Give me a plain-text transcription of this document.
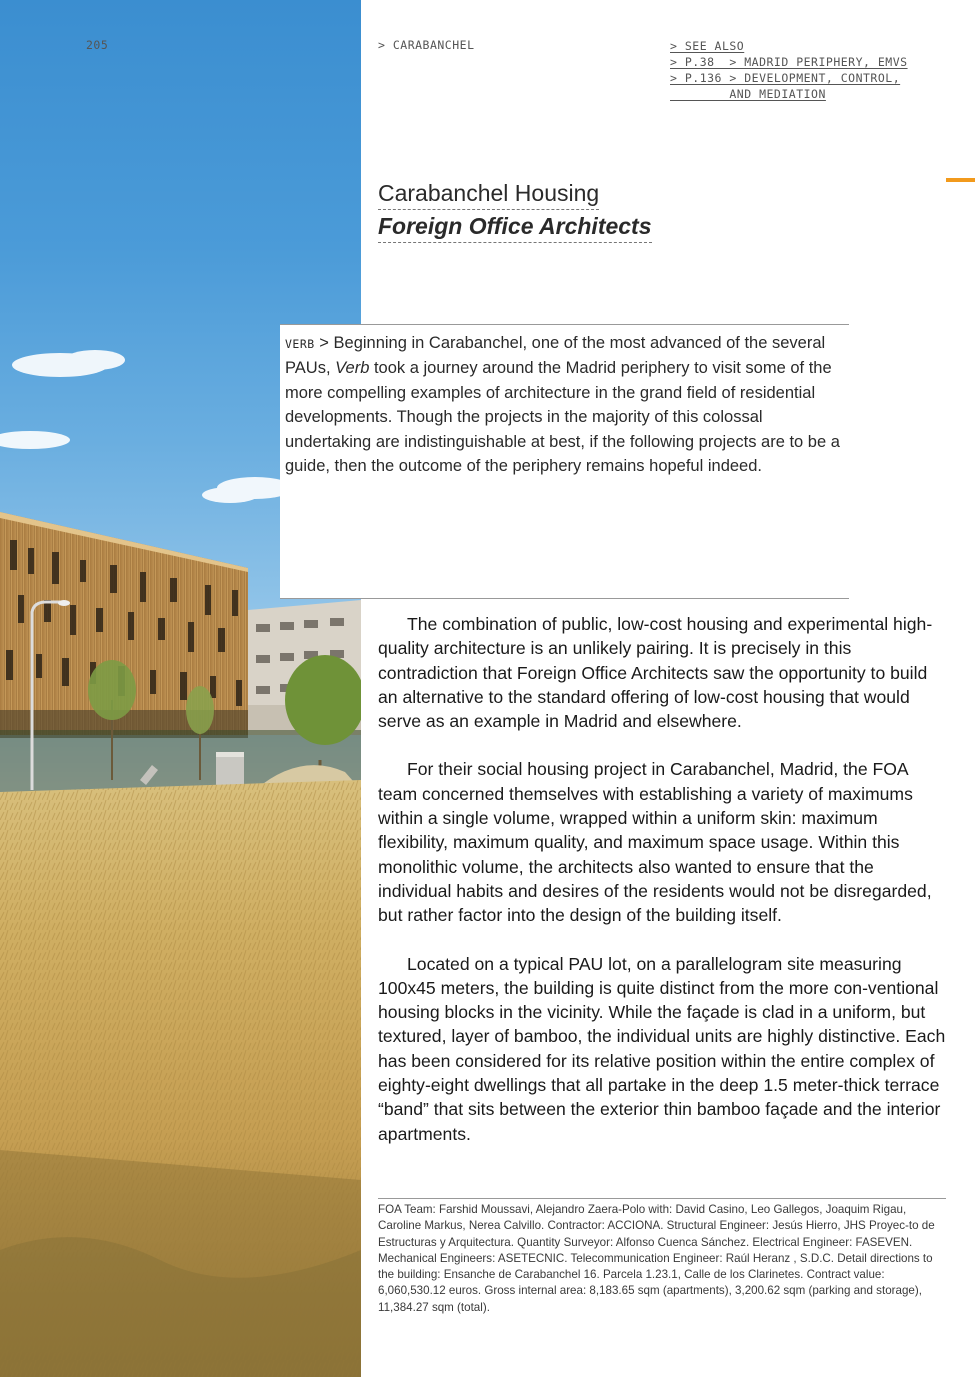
205	> CARABANCHEL	> SEE ALSO
> P.38  > MADRID PERIPHERY, EMVS
> P.136 > DEVELOPMENT, CONTROL,
AND MEDIATION
Carabanchel Housing
Foreign Office Architects

VERB > Beginning in Carabanchel, one of the most advanced of the several PAUs, Verb took a journey around the Madrid periphery to visit some of the more compelling examples of architecture in the grand field of residential developments. Though the projects in the majority of this colossal undertaking are indistinguishable at best, if the following projects are to be a guide, then the outcome of the periphery remains hopeful indeed.

The combination of public, low-cost housing and experimental high-quality architecture is an unlikely pairing. It is precisely in this contradiction that Foreign Office Architects saw the opportunity to build an alternative to the standard offering of low-cost housing that would serve as an example in Madrid and elsewhere.

For their social housing project in Carabanchel, Madrid, the FOA team concerned themselves with establishing a variety of maximums within a single volume, wrapped within a uniform skin: maximum flexibility, maximum quality, and maximum space usage. Within this monolithic volume, the architects also wanted to ensure that the individual habits and desires of the residents would not be disregarded, but rather factor into the design of the building itself.

Located on a typical PAU lot, on a parallelogram site measuring 100x45 meters, the building is quite distinct from the more con-ventional housing blocks in the vicinity. While the façade is clad in a uniform, but textured, layer of bamboo, the individual units are highly distinctive. Each has been considered for its relative position within the entire complex of eighty-eight dwellings that all partake in the deep 1.5 meter-thick terrace “band” that sits between the exterior thin bamboo façade and the interior apartments.

FOA Team: Farshid Moussavi, Alejandro Zaera-Polo with: David Casino, Leo Gallegos, Joaquim Rigau, Caroline Markus, Nerea Calvillo. Contractor: ACCIONA. Structural Engineer: Jesús Hierro, JHS Proyec-to de Estructuras y Arquitectura. Quantity Surveyor: Alfonso Cuenca Sánchez. Electrical Engineer: FASEVEN. Mechanical Engineers: ASETECNIC. Telecommunication Engineer: Raúl Heranz , S.D.C. Detail directions to the building: Ensanche de Carabanchel 16. Parcela 1.23.1, Calle de los Clarinetes. Contract value: 6,060,530.12 euros. Gross internal area: 8,183.65 sqm (apartments), 3,200.62 sqm (parking and storage), 11,384.27 sqm (total).
